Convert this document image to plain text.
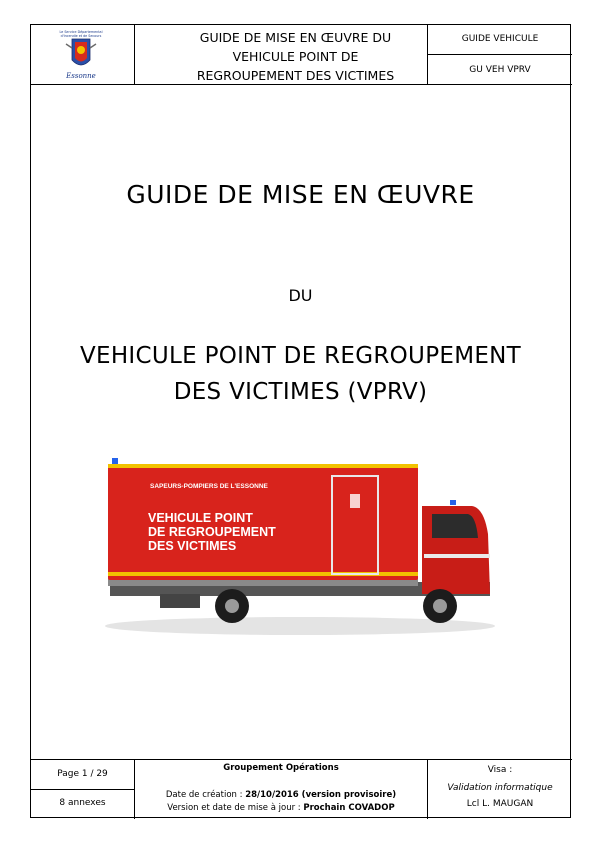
GUIDE DE MISE EN ŒUVRE DU
VEHICULE POINT DE
REGROUPEMENT DES VICTIMES
GUIDE VEHICULE
GU VEH VPRV
Page 1 / 29
8 annexes
Groupement Opérations
Date de création : 28/10/2016 (version provisoire)
Version et date de mise à jour : Prochain COVADOP
Visa :
Validation informatique
Lcl L. MAUGAN
Le Service Départemental
d'Incendie et de Secours
Essonne
GUIDE DE MISE EN ŒUVRE
DU
VEHICULE POINT DE REGROUPEMENT
DES VICTIMES (VPRV)
SAPEURS-POMPIERS DE L'ESSONNE
VEHICULE POINT
DE REGROUPEMENT
DES VICTIMES
